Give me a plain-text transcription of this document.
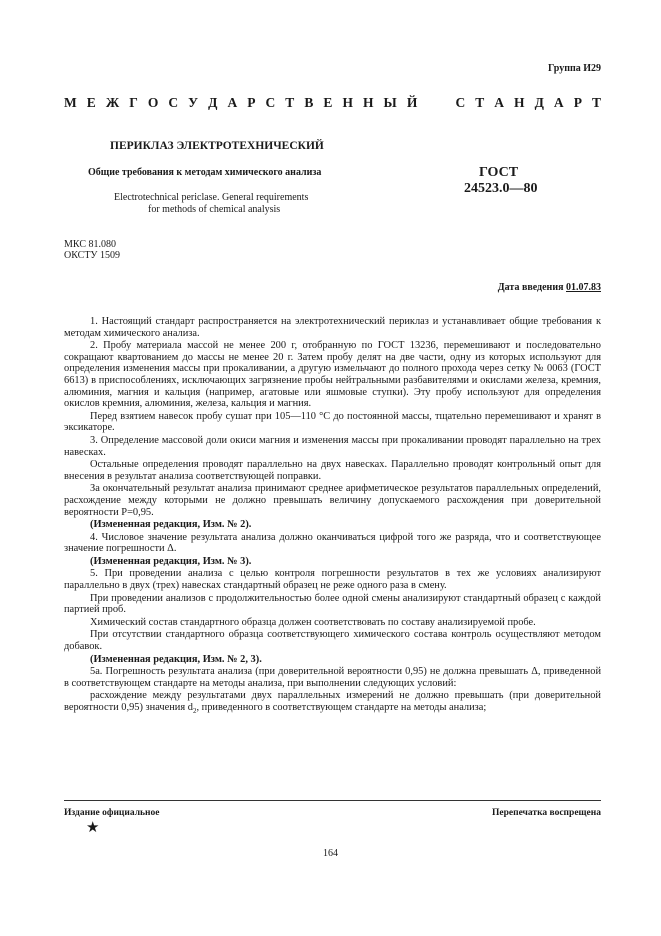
Группа И29
М Е Ж Г О С У Д А Р С Т В Е Н Н Ы Й	С Т А Н Д А Р Т
ПЕРИКЛАЗ ЭЛЕКТРОТЕХНИЧЕСКИЙ
Общие требования к методам химического анализа
Electrotechnical periclase. General requirements
for methods of chemical analysis
ГОСТ
24523.0—80
МКС 81.080
ОКСТУ 1509
Дата введения 01.07.83

1. Настоящий стандарт распространяется на электротехнический периклаз и устанавливает общие требования к методам химического анализа.

2. Пробу материала массой не менее 200 г, отобранную по ГОСТ 13236, перемешивают и последовательно сокращают квартованием до массы не менее 20 г. Затем пробу делят на две части, одну из которых используют для определения изменения массы при прокаливании, а другую измельчают до полного прохода через сетку № 0063 (ГОСТ 6613) в приспособлениях, исключающих загрязнение пробы нейтральными разбавителями и окислами железа, кремния, алюминия, магния и кальция (например, агатовые или яшмовые ступки). Эту пробу используют для определения окислов кремния, алюминия, железа, кальция и магния.

Перед взятием навесок пробу сушат при 105—110 °С до постоянной массы, тщательно перемешивают и хранят в эксикаторе.

3. Определение массовой доли окиси магния и изменения массы при прокаливании проводят параллельно на трех навесках.

Остальные определения проводят параллельно на двух навесках. Параллельно проводят контрольный опыт для внесения в результат анализа соответствующей поправки.

За окончательный результат анализа принимают среднее арифметическое результатов параллельных определений, расхождение между которыми не должно превышать величину допускаемого расхождения при доверительной вероятности P=0,95.

(Измененная редакция, Изм. № 2).

4. Числовое значение результата анализа должно оканчиваться цифрой того же разряда, что и соответствующее значение погрешности Δ.

(Измененная редакция, Изм. № 3).

5. При проведении анализа с целью контроля погрешности результатов в тех же условиях анализируют параллельно в двух (трех) навесках стандартный образец не реже одного раза в смену.

При проведении анализов с продолжительностью более одной смены анализируют стандартный образец с каждой партией проб.

Химический состав стандартного образца должен соответствовать по составу анализируемой пробе.

При отсутствии стандартного образца соответствующего химического состава контроль осуществляют методом добавок.

(Измененная редакция, Изм. № 2, 3).

5а. Погрешность результата анализа (при доверительной вероятности 0,95) не должна превышать Δ, приведенной в соответствующем стандарте на методы анализа, при выполнении следующих условий:

расхождение между результатами двух параллельных измерений не должно превышать (при доверительной вероятности 0,95) значения $d_2$, приведенного в соответствующем стандарте на методы анализа;

Издание официальное	Перепечатка воспрещена
★
164
